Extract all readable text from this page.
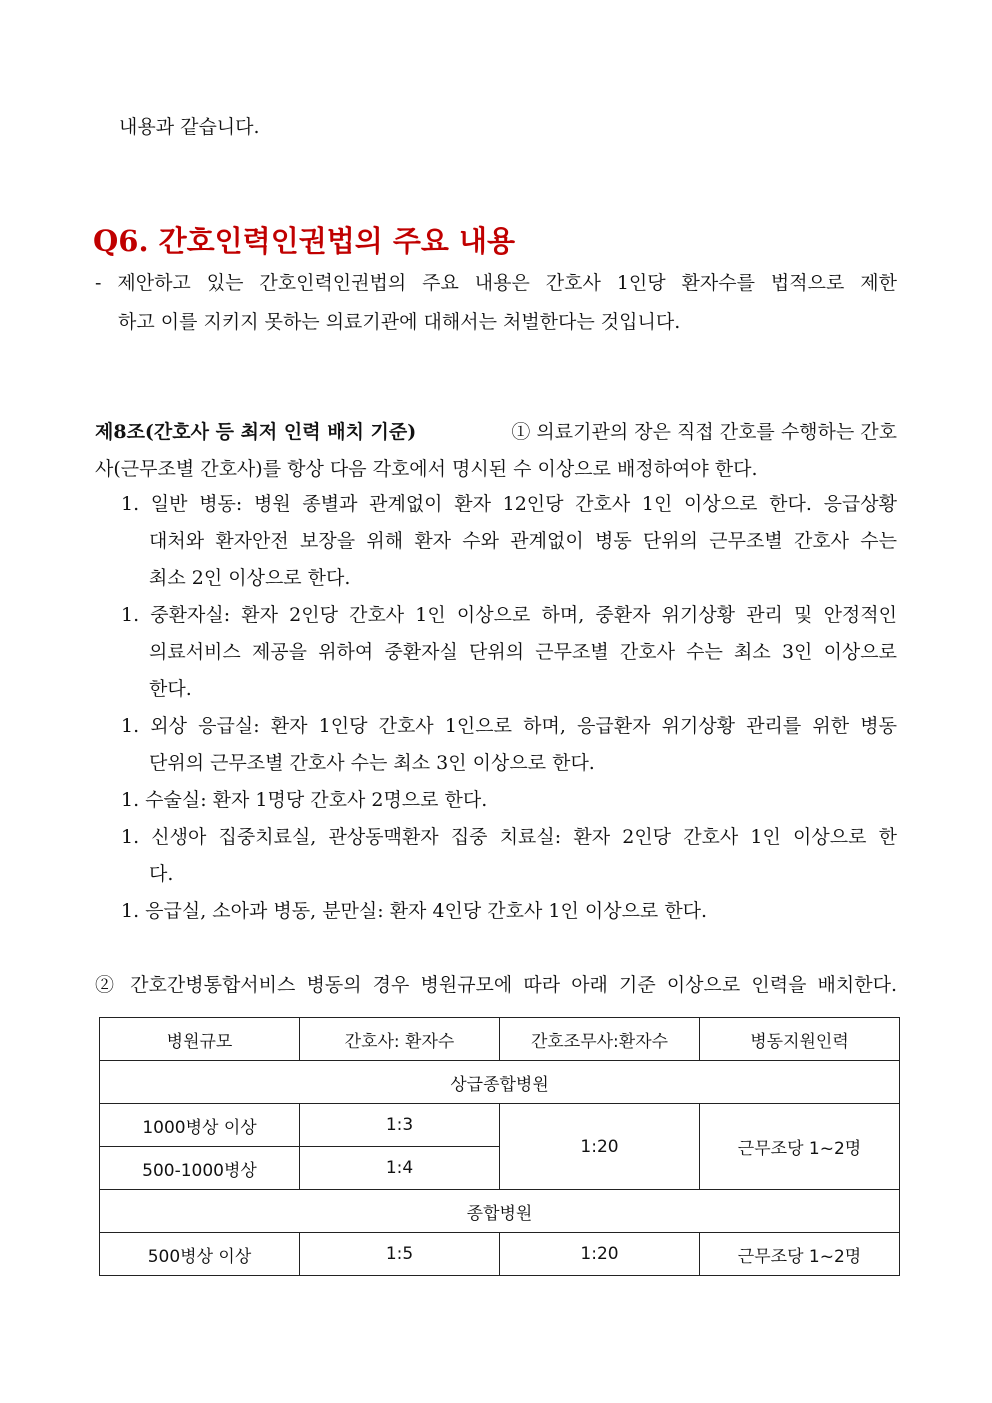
내용과 같습니다.
Q6. 간호인력인권법의 주요 내용
- 제안하고 있는 간호인력인권법의 주요 내용은 간호사 1인당 환자수를 법적으로 제한
하고 이를 지키지 못하는 의료기관에 대해서는 처벌한다는 것입니다.
제8조(간호사 등 최저 인력 배치 기준)	① 의료기관의 장은 직접 간호를 수행하는 간호
사(근무조별 간호사)를 항상 다음 각호에서 명시된 수 이상으로 배정하여야 한다.
1. 일반 병동: 병원 종별과 관계없이 환자 12인당 간호사 1인 이상으로 한다. 응급상황
대처와 환자안전 보장을 위해 환자 수와 관계없이 병동 단위의 근무조별 간호사 수는
최소 2인 이상으로 한다.
1. 중환자실: 환자 2인당 간호사 1인 이상으로 하며, 중환자 위기상황 관리 및 안정적인
의료서비스 제공을 위하여 중환자실 단위의 근무조별 간호사 수는 최소 3인 이상으로
한다.
1. 외상 응급실: 환자 1인당 간호사 1인으로 하며, 응급환자 위기상황 관리를 위한 병동
단위의 근무조별 간호사 수는 최소 3인 이상으로 한다.
1. 수술실: 환자 1명당 간호사 2명으로 한다.
1. 신생아 집중치료실, 관상동맥환자 집중 치료실: 환자 2인당 간호사 1인 이상으로 한
다.
1. 응급실, 소아과 병동, 분만실: 환자 4인당 간호사 1인 이상으로 한다.
② 간호간병통합서비스 병동의 경우 병원규모에 따라 아래 기준 이상으로 인력을 배치한다.
병원규모	간호사: 환자수	간호조무사:환자수	병동지원인력
상급종합병원			
1000병상 이상	1:3	1:20	근무조당 1~2명
500-1000병상	1:4		
종합병원			
500병상 이상	1:5	1:20	근무조당 1~2명
